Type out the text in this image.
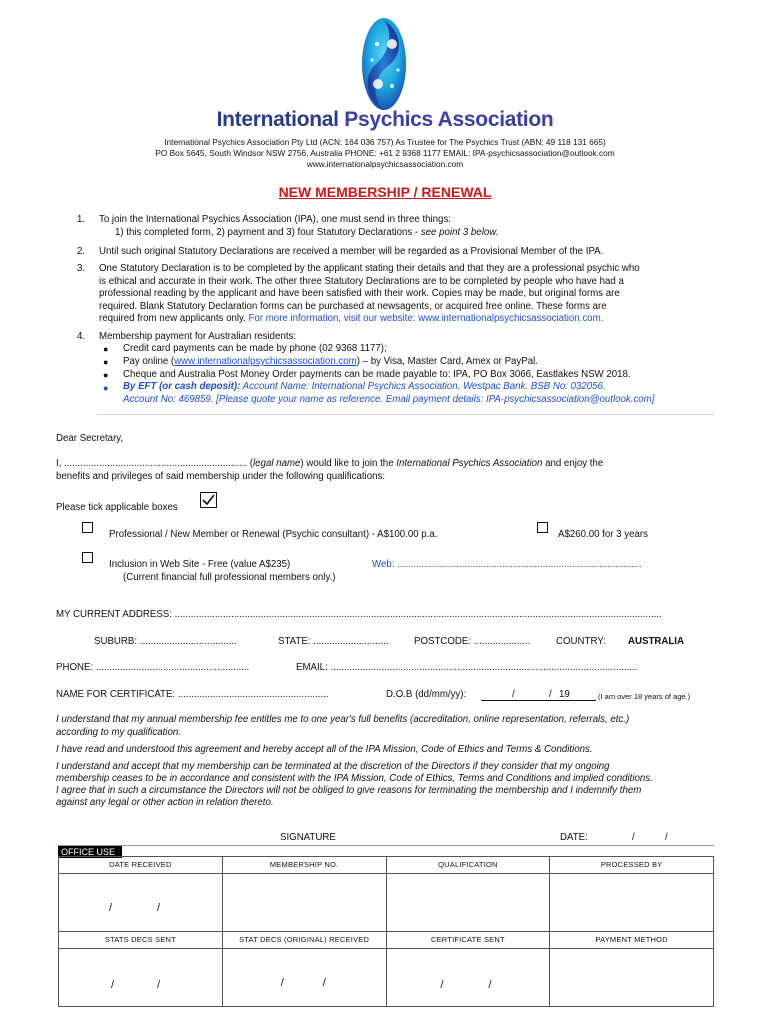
International Psychics Association
International Psychics Association Pty Ltd (ACN: 164 036 757) As Trustee for The Psychics Trust (ABN: 49 118 131 665)
PO Box 5645, South Windsor NSW 2756, Australia PHONE: +61 2 9368 1177 EMAIL: IPA-psychicsassociation@outlook.com
www.internationalpsychicsassociation.com
NEW MEMBERSHIP / RENEWAL
1. To join the International Psychics Association (IPA), one must send in three things:
1) this completed form, 2) payment and 3) four Statutory Declarations - see point 3 below.
2. Until such original Statutory Declarations are received a member will be regarded as a Provisional Member of the IPA.
3. One Statutory Declaration is to be completed by the applicant stating their details and that they are a professional psychic who
is ethical and accurate in their work. The other three Statutory Declarations are to be completed by people who have had a
professional reading by the applicant and have been satisfied with their work. Copies may be made, but original forms are
required. Blank Statutory Declaration forms can be purchased at newsagents, or acquired free online. These forms are
required from new applicants only. For more information, visit our website: www.internationalpsychicsassociation.com.
4. Membership payment for Australian residents:
● Credit card payments can be made by phone (02 9368 1177);
● Pay online (www.internationalpsychicsassociation.com) – by Visa, Master Card, Amex or PayPal.
● Cheque and Australia Post Money Order payments can be made payable to: IPA, PO Box 3066, Eastlakes NSW 2018.
● By EFT (or cash deposit): Account Name: International Psychics Association. Westpac Bank. BSB No: 032056.
Account No: 469859. [Please quote your name as reference. Email payment details: IPA-psychicsassociation@outlook.com]
Dear Secretary,
I, .................................................................... (legal name) would like to join the International Psychics Association and enjoy the
benefits and privileges of said membership under the following qualifications:
Please tick applicable boxes
Professional / New Member or Renewal (Psychic consultant) - A$100.00 p.a.	A$260.00 for 3 years
Inclusion in Web Site - Free (value A$235)	Web: ...........................................................................................
(Current financial full professional members only.)
MY CURRENT ADDRESS: .....................................................................................................................................................................................
SUBURB: ....................................	STATE: ............................	POSTCODE: .....................	COUNTRY: AUSTRALIA
PHONE: .........................................................	EMAIL: ..................................................................................................................
NAME FOR CERTIFICATE: ........................................................	D.O.B (dd/mm/yy):	/	/ 19	(I am over 18 years of age.)
I understand that my annual membership fee entitles me to one year's full benefits (accreditation, online representation, referrals, etc.)
according to my qualification.
I have read and understood this agreement and hereby accept all of the IPA Mission, Code of Ethics and Terms & Conditions.
I understand and accept that my membership can be terminated at the discretion of the Directors if they consider that my ongoing
membership ceases to be in accordance and consistent with the IPA Mission, Code of Ethics, Terms and Conditions and implied conditions.
I agree that in such a circumstance the Directors will not be obliged to give reasons for terminating the membership and I indemnify them
against any legal or other action in relation thereto.
SIGNATURE	DATE:	/	/
OFFICE USE
DATE RECEIVED	MEMBERSHIP NO.	QUALIFICATION	PROCESSED BY

/ /			

STATS DECS SENT	STAT DECS (ORIGINAL) RECEIVED	CERTIFICATE SENT	PAYMENT METHOD

/ /	/ /	/ /	
